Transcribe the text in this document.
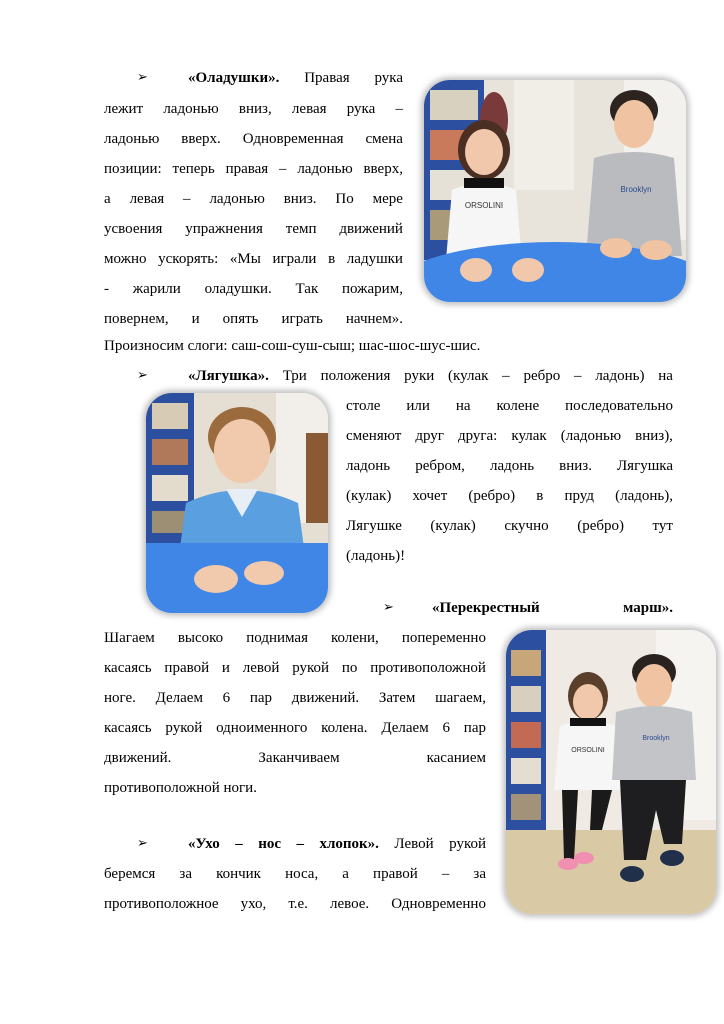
➢	«Оладушки». Правая рука
лежит ладонью вниз, левая рука –
ладонью вверх. Одновременная смена
позиции: теперь правая – ладонью вверх,
а левая – ладонью вниз. По мере
усвоения упражнения темп движений
можно ускорять: «Мы играли в ладушки
- жарили оладушки. Так пожарим,
повернем, и опять играть начнем».
Произносим слоги: саш-сош-суш-сыш; шас-шос-шус-шис.
ORSOLINI
Brooklyn
➢	«Лягушка». Три положения руки (кулак – ребро – ладонь) на
столе или на колене последовательно
сменяют друг друга: кулак (ладонью вниз),
ладонь ребром, ладонь вниз. Лягушка
(кулак) хочет (ребро) в пруд (ладонь),
Лягушке (кулак) скучно (ребро) тут
(ладонь)!
➢	«Перекрестный	марш».
Шагаем высоко поднимая колени, попеременно
касаясь правой и левой рукой по противоположной
ноге. Делаем 6 пар движений. Затем шагаем,
касаясь рукой одноименного колена. Делаем 6 пар
движений.	Заканчиваем	касанием
противоположной ноги.
ORSOLINI
Brooklyn
➢	«Ухо – нос – хлопок». Левой рукой
беремся за кончик носа, а правой – за
противоположное ухо, т.е. левое. Одновременно
